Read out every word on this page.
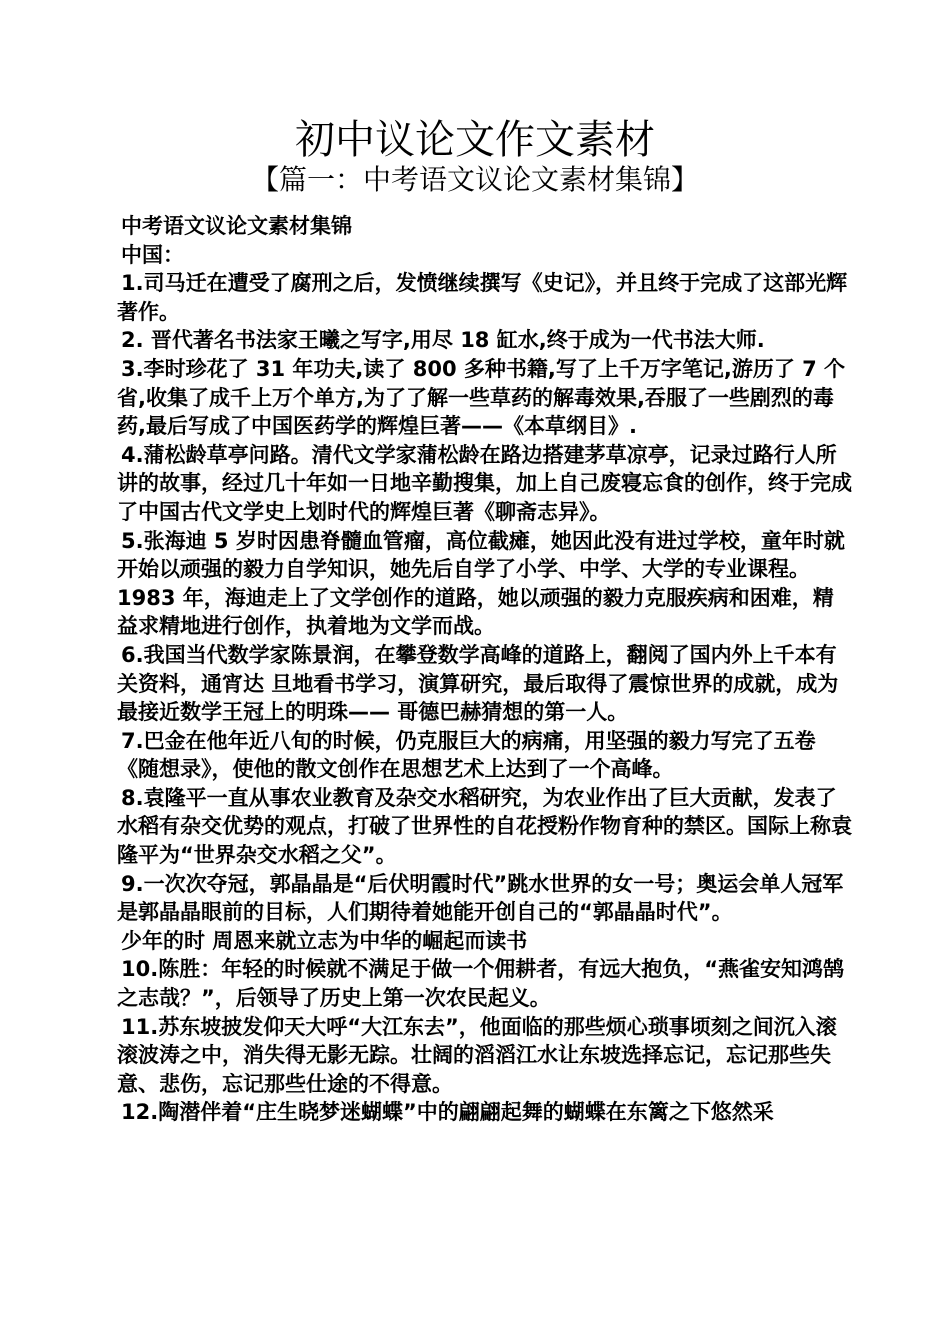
初中议论文作文素材
【篇一：中考语文议论文素材集锦】

中考语文议论文素材集锦

中国：

1.司马迁在遭受了腐刑之后，发愤继续撰写《史记》，并且终于完成了这部光辉著作。

2. 晋代著名书法家王曦之写字,用尽 18 缸水,终于成为一代书法大师.

3.李时珍花了 31 年功夫,读了 800 多种书籍,写了上千万字笔记,游历了 7 个省,收集了成千上万个单方,为了了解一些草药的解毒效果,吞服了一些剧烈的毒药,最后写成了中国医药学的辉煌巨著——《本草纲目》.

4.蒲松龄草亭问路。清代文学家蒲松龄在路边搭建茅草凉亭，记录过路行人所讲的故事，经过几十年如一日地辛勤搜集，加上自己废寝忘食的创作，终于完成了中国古代文学史上划时代的辉煌巨著《聊斋志异》。

5.张海迪 5 岁时因患脊髓血管瘤，高位截瘫，她因此没有进过学校，童年时就开始以顽强的毅力自学知识，她先后自学了小学、中学、大学的专业课程。1983 年，海迪走上了文学创作的道路，她以顽强的毅力克服疾病和困难，精益求精地进行创作，执着地为文学而战。

6.我国当代数学家陈景润，在攀登数学高峰的道路上，翻阅了国内外上千本有关资料，通宵达 旦地看书学习，演算研究，最后取得了震惊世界的成就，成为最接近数学王冠上的明珠—— 哥德巴赫猜想的第一人。

7.巴金在他年近八旬的时候，仍克服巨大的病痛，用坚强的毅力写完了五卷《随想录》，使他的散文创作在思想艺术上达到了一个高峰。

8.袁隆平一直从事农业教育及杂交水稻研究，为农业作出了巨大贡献，发表了水稻有杂交优势的观点，打破了世界性的自花授粉作物育种的禁区。国际上称袁隆平为“世界杂交水稻之父”。

9.一次次夺冠，郭晶晶是“后伏明霞时代”跳水世界的女一号；奥运会单人冠军是郭晶晶眼前的目标，人们期待着她能开创自己的“郭晶晶时代”。

少年的时 周恩来就立志为中华的崛起而读书

10.陈胜：年轻的时候就不满足于做一个佣耕者，有远大抱负，“燕雀安知鸿鹄之志哉？”，后领导了历史上第一次农民起义。

11.苏东坡披发仰天大呼“大江东去”，他面临的那些烦心琐事顷刻之间沉入滚滚波涛之中，消失得无影无踪。壮阔的滔滔江水让东坡选择忘记，忘记那些失意、悲伤，忘记那些仕途的不得意。

12.陶潜伴着“庄生晓梦迷蝴蝶”中的翩翩起舞的蝴蝶在东篱之下悠然采
